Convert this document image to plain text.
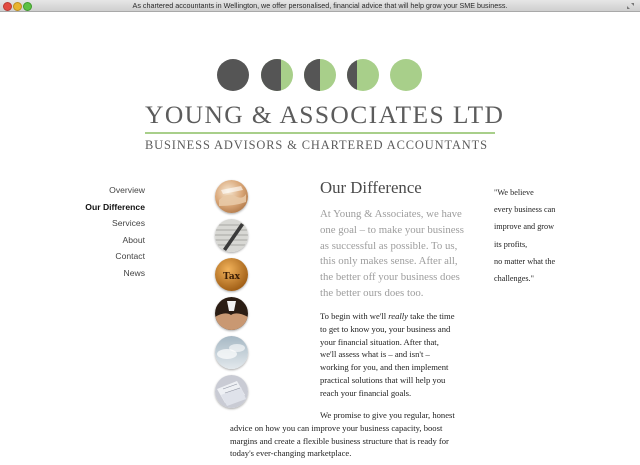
As chartered accountants in Wellington, we offer personalised, financial advice that will help grow your SME business.
YOUNG & ASSOCIATES LTD
BUSINESS ADVISORS & CHARTERED ACCOUNTANTS
Overview
Our Difference
Services
About
Contact
News	Tax
Our Difference
At Young & Associates, we have
one goal – to make your business
as successful as possible. To us,
this only makes sense. After all,
the better off your business does
the better ours does too.
To begin with we'll really take the time
to get to know you, your business and
your financial situation. After that,
we'll assess what is – and isn't –
working for you, and then implement
practical solutions that will help you
reach your financial goals.
We promise to give you regular, honest
advice on how you can improve your business capacity, boost
margins and create a flexible business structure that is ready for
today's ever-changing marketplace.
"We believe
every business can
improve and grow
its profits,
no matter what the
challenges."
